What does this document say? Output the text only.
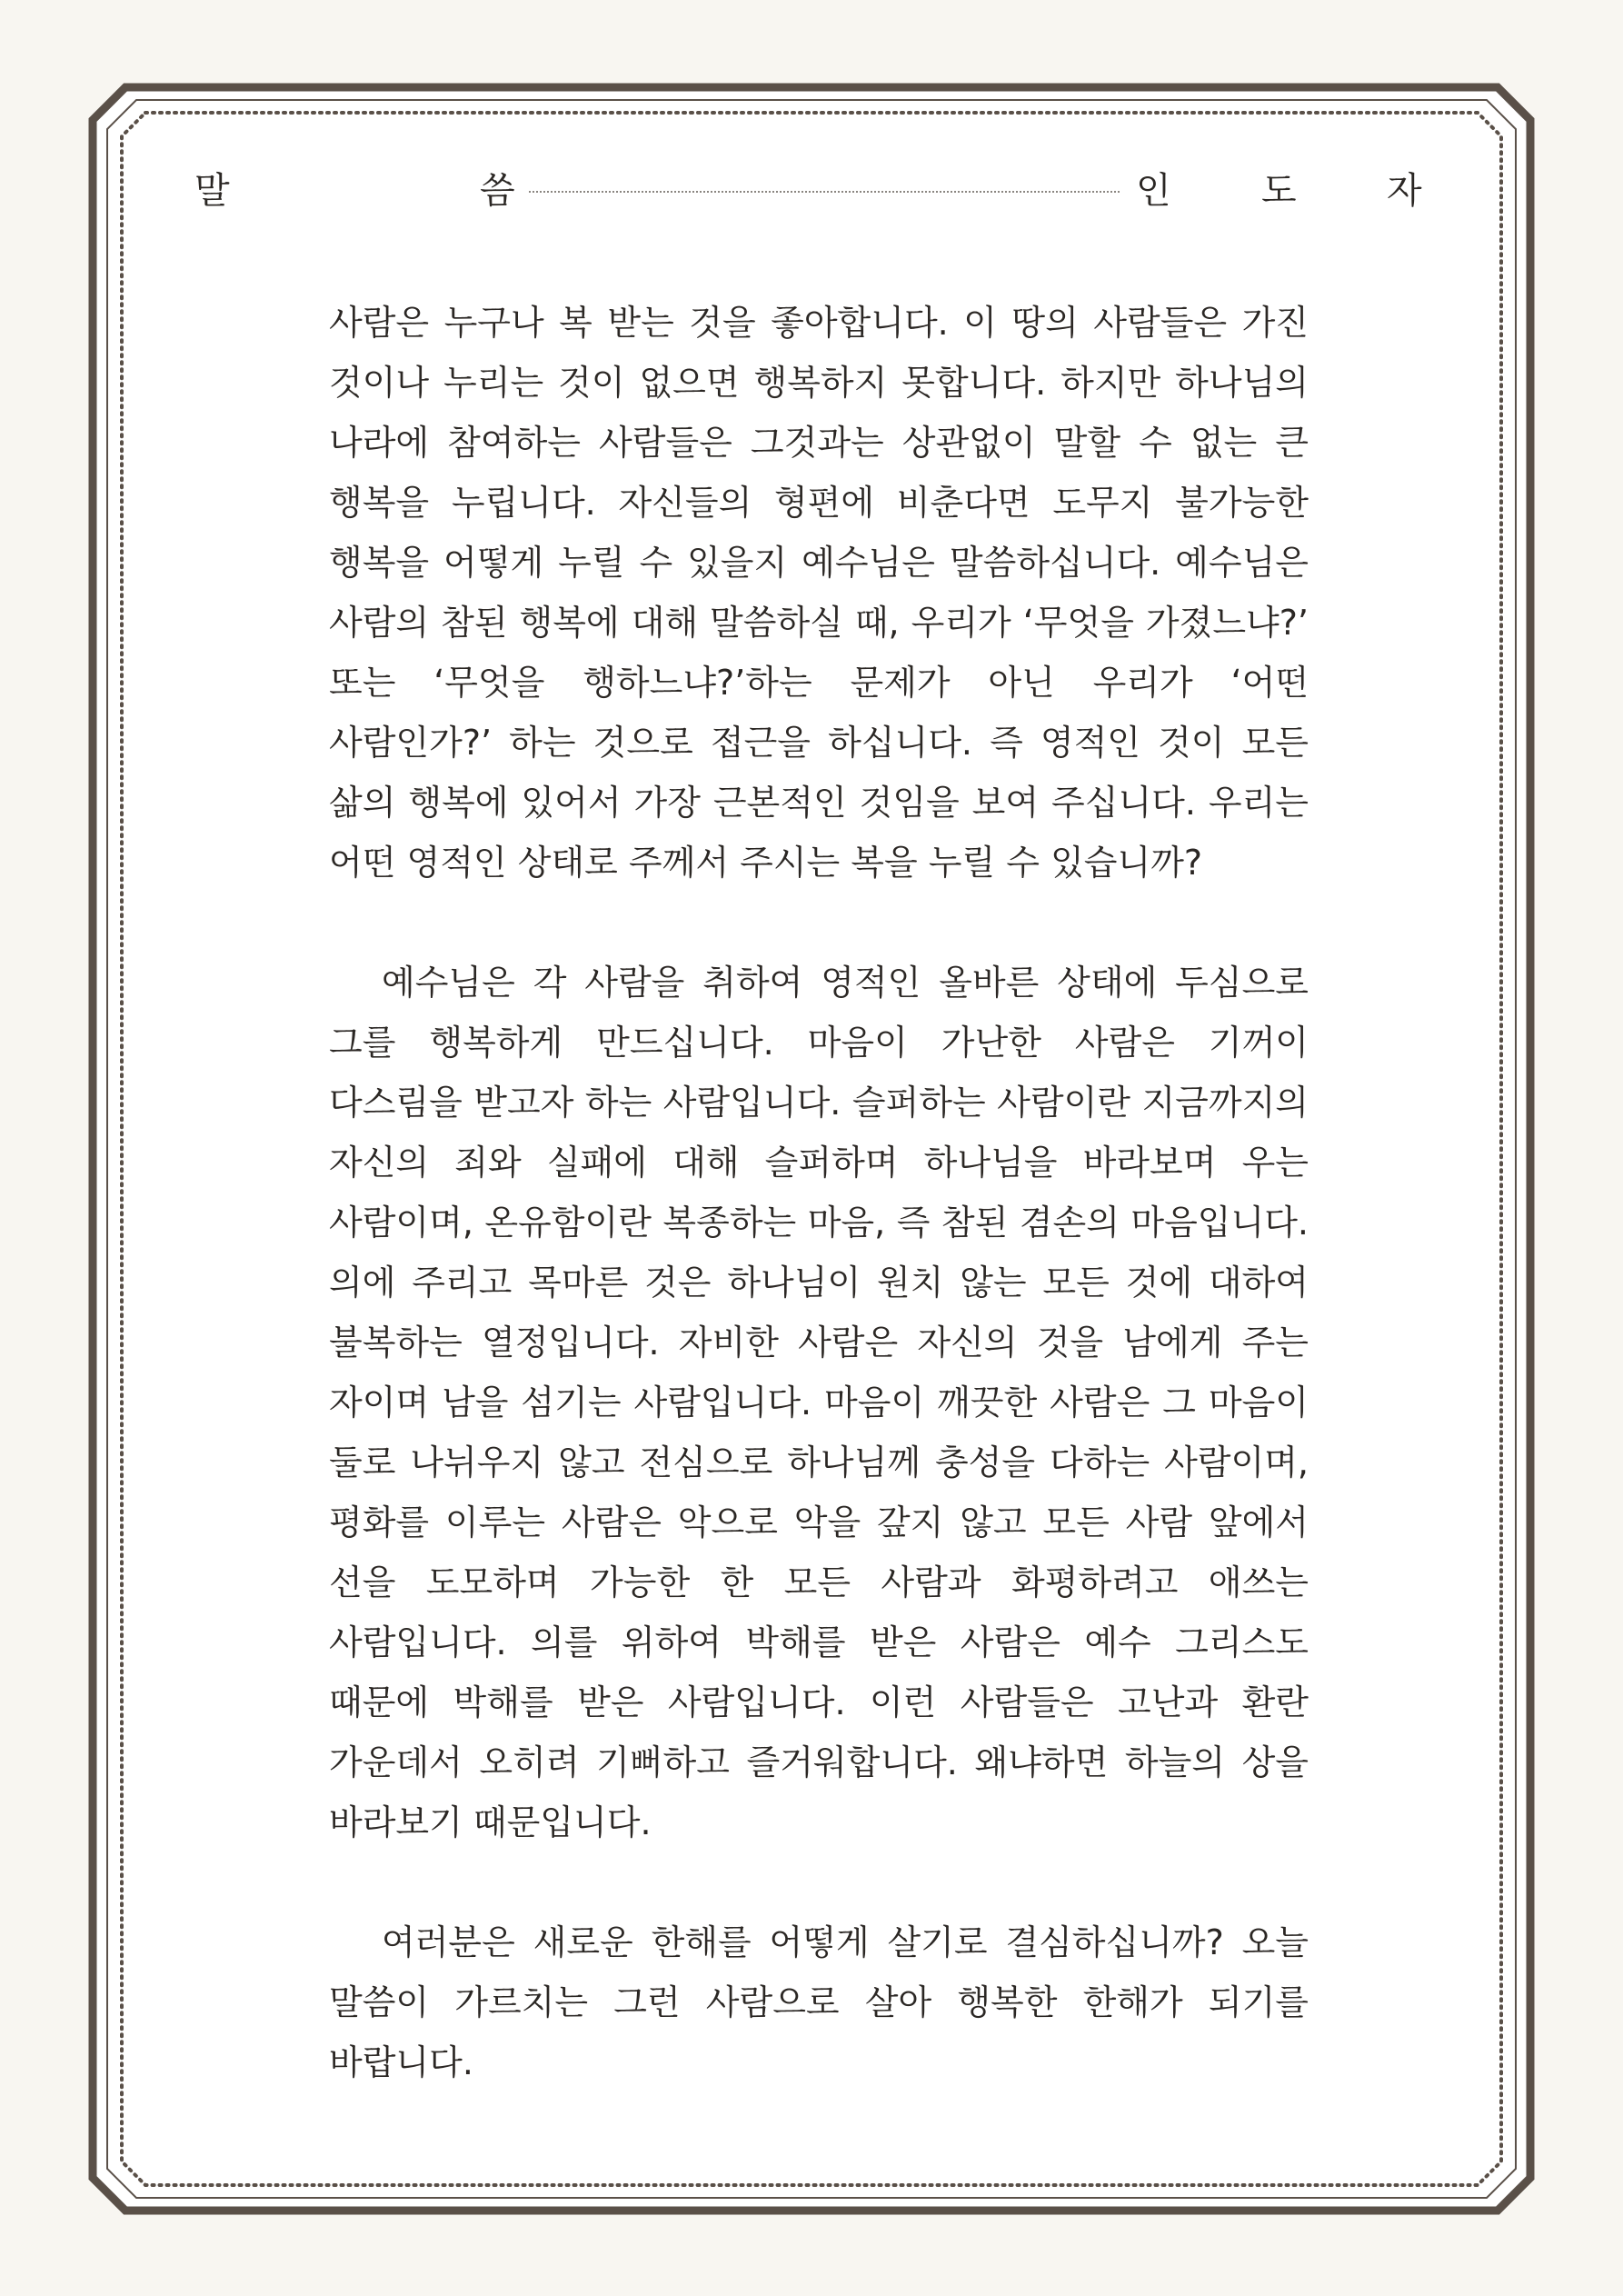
말	씀	인 도 자

사람은 누구나 복 받는 것을 좋아합니다. 이 땅의 사람들은 가진 것이나 누리는 것이 없으면 행복하지 못합니다. 하지만 하나님의 나라에 참여하는 사람들은 그것과는 상관없이 말할 수 없는 큰 행복을 누립니다. 자신들의 형편에 비춘다면 도무지 불가능한 행복을 어떻게 누릴 수 있을지 예수님은 말씀하십니다. 예수님은 사람의 참된 행복에 대해 말씀하실 때, 우리가 ‘무엇을 가졌느냐?’ 또는 ‘무엇을 행하느냐?’하는 문제가 아닌 우리가 ‘어떤 사람인가?’ 하는 것으로 접근을 하십니다. 즉 영적인 것이 모든 삶의 행복에 있어서 가장 근본적인 것임을 보여 주십니다. 우리는 어떤 영적인 상태로 주께서 주시는 복을 누릴 수 있습니까?

예수님은 각 사람을 취하여 영적인 올바른 상태에 두심으로 그를 행복하게 만드십니다. 마음이 가난한 사람은 기꺼이 다스림을 받고자 하는 사람입니다. 슬퍼하는 사람이란 지금까지의 자신의 죄와 실패에 대해 슬퍼하며 하나님을 바라보며 우는 사람이며, 온유함이란 복종하는 마음, 즉 참된 겸손의 마음입니다. 의에 주리고 목마른 것은 하나님이 원치 않는 모든 것에 대하여 불복하는 열정입니다. 자비한 사람은 자신의 것을 남에게 주는 자이며 남을 섬기는 사람입니다. 마음이 깨끗한 사람은 그 마음이 둘로 나뉘우지 않고 전심으로 하나님께 충성을 다하는 사람이며, 평화를 이루는 사람은 악으로 악을 갚지 않고 모든 사람 앞에서 선을 도모하며 가능한 한 모든 사람과 화평하려고 애쓰는 사람입니다. 의를 위하여 박해를 받은 사람은 예수 그리스도 때문에 박해를 받은 사람입니다. 이런 사람들은 고난과 환란 가운데서 오히려 기뻐하고 즐거워합니다. 왜냐하면 하늘의 상을 바라보기 때문입니다.

여러분은 새로운 한해를 어떻게 살기로 결심하십니까? 오늘 말씀이 가르치는 그런 사람으로 살아 행복한 한해가 되기를 바랍니다.
